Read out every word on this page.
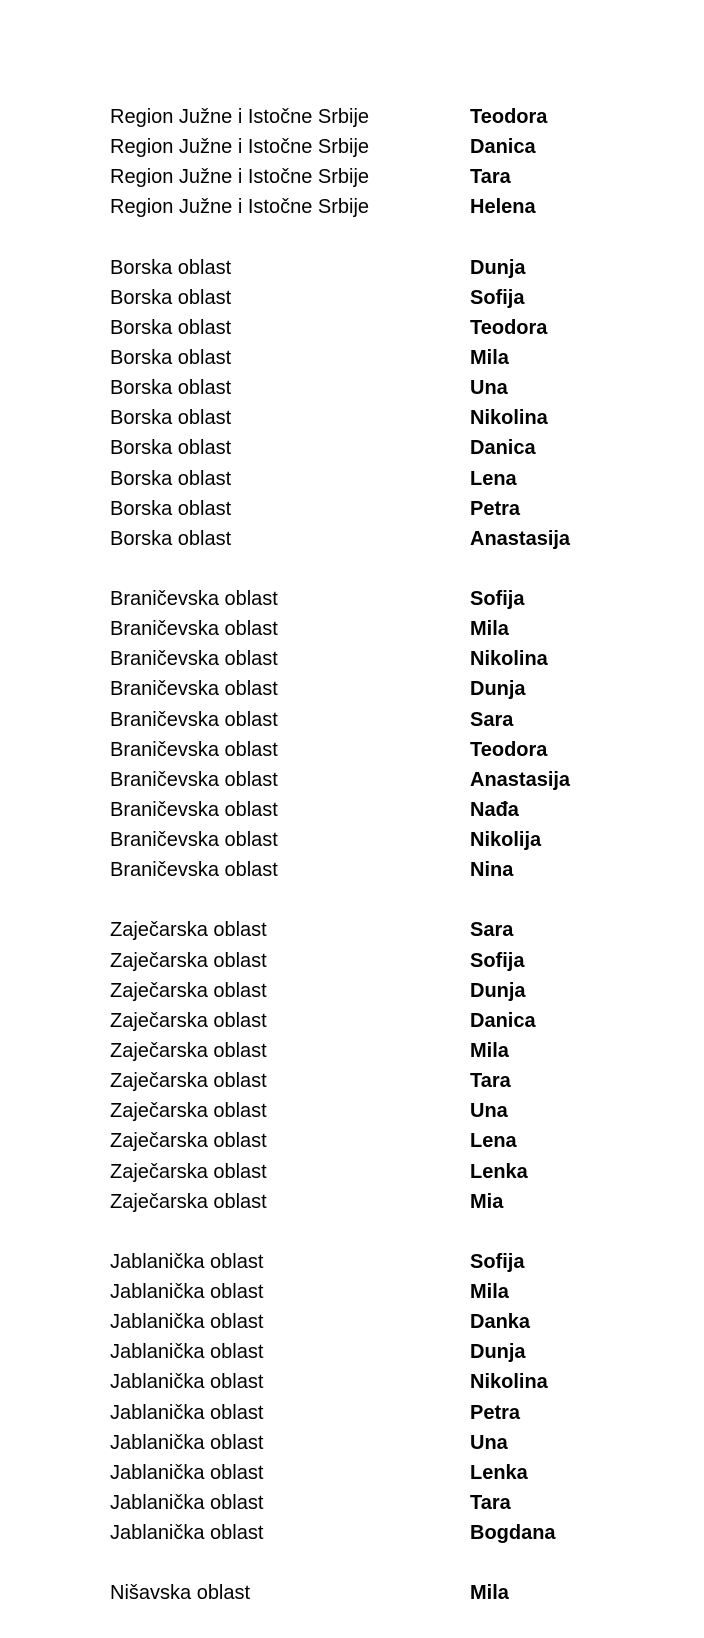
Region Južne i Istočne Srbije	Teodora
Region Južne i Istočne Srbije	Danica
Region Južne i Istočne Srbije	Tara
Region Južne i Istočne Srbije	Helena
Borska oblast	Dunja
Borska oblast	Sofija
Borska oblast	Teodora
Borska oblast	Mila
Borska oblast	Una
Borska oblast	Nikolina
Borska oblast	Danica
Borska oblast	Lena
Borska oblast	Petra
Borska oblast	Anastasija
Braničevska oblast	Sofija
Braničevska oblast	Mila
Braničevska oblast	Nikolina
Braničevska oblast	Dunja
Braničevska oblast	Sara
Braničevska oblast	Teodora
Braničevska oblast	Anastasija
Braničevska oblast	Nađa
Braničevska oblast	Nikolija
Braničevska oblast	Nina
Zaječarska oblast	Sara
Zaječarska oblast	Sofija
Zaječarska oblast	Dunja
Zaječarska oblast	Danica
Zaječarska oblast	Mila
Zaječarska oblast	Tara
Zaječarska oblast	Una
Zaječarska oblast	Lena
Zaječarska oblast	Lenka
Zaječarska oblast	Mia
Jablanička oblast	Sofija
Jablanička oblast	Mila
Jablanička oblast	Danka
Jablanička oblast	Dunja
Jablanička oblast	Nikolina
Jablanička oblast	Petra
Jablanička oblast	Una
Jablanička oblast	Lenka
Jablanička oblast	Tara
Jablanička oblast	Bogdana
Nišavska oblast	Mila
